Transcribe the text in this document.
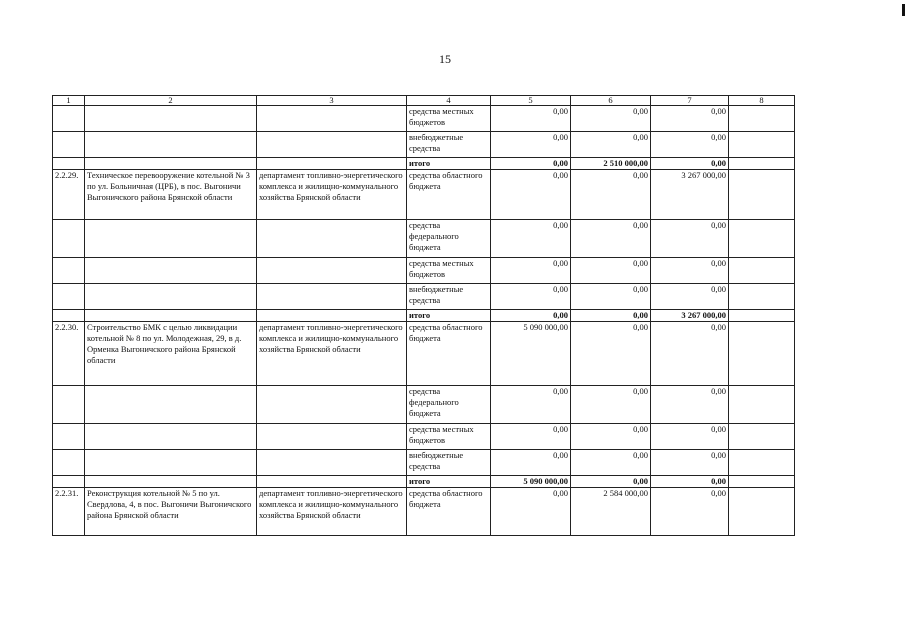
15
1	2	3	4	5	6	7	8
			средства местных бюджетов	0,00	0,00	0,00	
			внебюджетные средства	0,00	0,00	0,00	
			итого	0,00	2 510 000,00	0,00	
2.2.29.	Техническое перевооружение котельной № 3 по ул. Больничная (ЦРБ), в пос. Выгоничи Выгоничского района Брянской области	департамент топливно-энергетического комплекса и жилищно-коммунального хозяйства Брянской области	средства областного бюджета	0,00	0,00	3 267 000,00	
			средства федерального бюджета	0,00	0,00	0,00	
			средства местных бюджетов	0,00	0,00	0,00	
			внебюджетные средства	0,00	0,00	0,00	
			итого	0,00	0,00	3 267 000,00	
2.2.30.	Строительство БМК с целью ликвидации котельной № 8 по ул. Молодежная, 29, в д. Орменка Выгоничского района Брянской области	департамент топливно-энергетического комплекса и жилищно-коммунального хозяйства Брянской области	средства областного бюджета	5 090 000,00	0,00	0,00	
			средства федерального бюджета	0,00	0,00	0,00	
			средства местных бюджетов	0,00	0,00	0,00	
			внебюджетные средства	0,00	0,00	0,00	
			итого	5 090 000,00	0,00	0,00	
2.2.31.	Реконструкция котельной № 5 по ул. Свердлова, 4, в пос. Выгоничи Выгоничского района Брянской области	департамент топливно-энергетического комплекса и жилищно-коммунального хозяйства Брянской области	средства областного бюджета	0,00	2 584 000,00	0,00	
